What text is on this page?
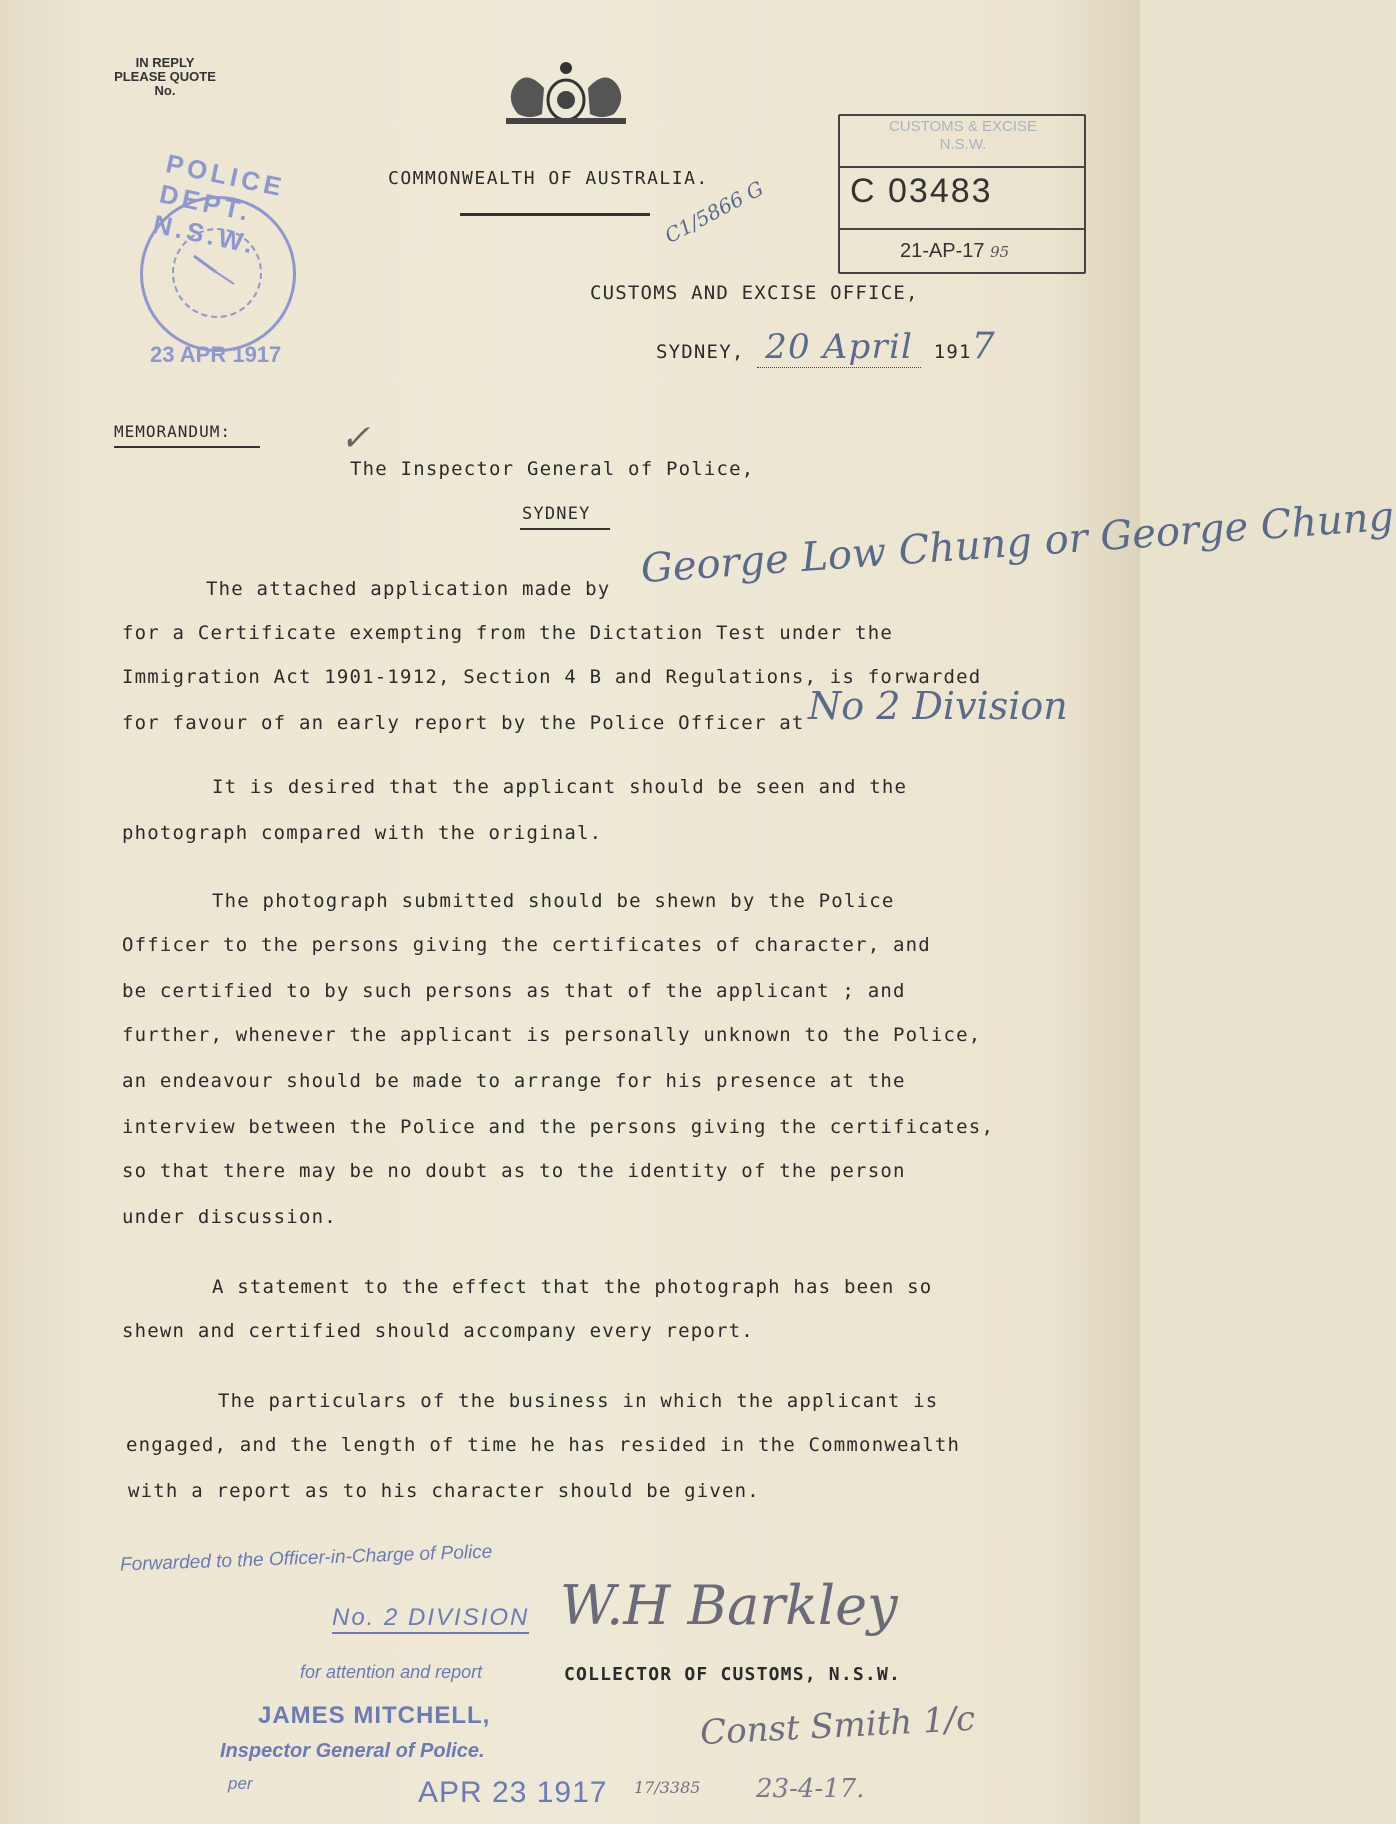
IN REPLY
PLEASE QUOTE
No.
COMMONWEALTH OF AUSTRALIA.
C1/5866 G
CUSTOMS & EXCISE
N.S.W.
C 03483
21-AP-17 95
POLICE DEPT. N.S.W.
23 APR 1917
CUSTOMS AND EXCISE OFFICE,
SYDNEY, 20 April 1917
MEMORANDUM:	✓
The Inspector General of Police,
SYDNEY
The attached application made by George Low Chung or George Chung
for a Certificate exempting from the Dictation Test under the
Immigration Act 1901-1912, Section 4 B and Regulations, is forwarded
for favour of an early report by the Police Officer at No 2 Division
It is desired that the applicant should be seen and the
photograph compared with the original.
The photograph submitted should be shewn by the Police
Officer to the persons giving the certificates of character, and
be certified to by such persons as that of the applicant ; and
further, whenever the applicant is personally unknown to the Police,
an endeavour should be made to arrange for his presence at the
interview between the Police and the persons giving the certificates,
so that there may be no doubt as to the identity of the person
under discussion.
A statement to the effect that the photograph has been so
shewn and certified should accompany every report.
The particulars of the business in which the applicant is
engaged, and the length of time he has resided in the Commonwealth
with a report as to his character should be given.
Forwarded to the Officer-in-Charge of Police
No. 2 DIVISION
for attention and report
JAMES MITCHELL,
Inspector General of Police.
per	APR 23 1917
W.H Barkley
COLLECTOR OF CUSTOMS, N.S.W.
Const Smith 1/c
17/3385 23-4-17.
